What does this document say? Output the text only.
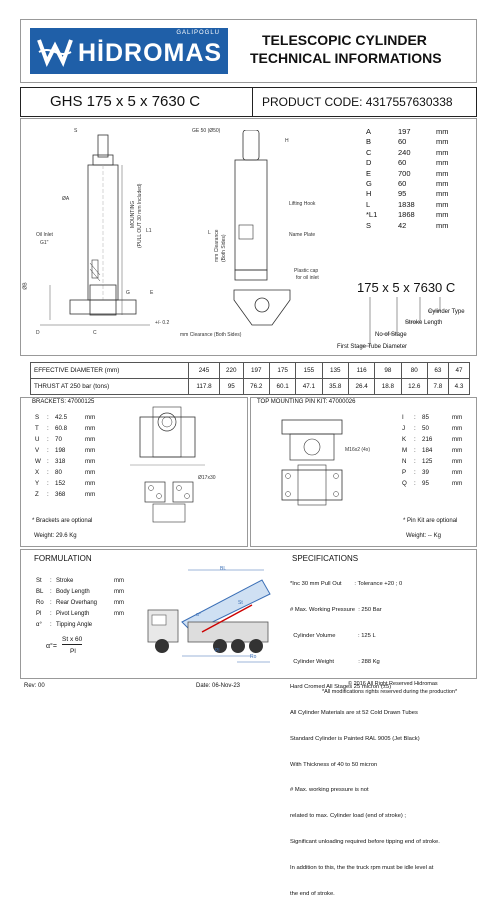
GALIPOGLU
HİDROMAS	TELESCOPIC CYLINDER
TECHNICAL INFORMATIONS
GHS 175 x 5 x 7630 C	PRODUCT CODE: 4317557630338
S
ØA
Oil Inlet
G1"
ØB
MOUNTING (PULL OUT 30 mm Included) L1
D	C
E
G
+/- 0.2
GE 50 (Ø50)
H
L
Lifting Hook
Name Plate
mm Clearance (Both Sides)
Plastic cap
for oil inlet
mm Clearance (Both Sides)
A	197	mm
B	60	mm
C	240	mm
D	60	mm
E	700	mm
G	60	mm
H	95	mm
L	1838	mm
*L1	1868	mm
S	42	mm
175 x 5 x 7630 C
Cylinder Type
Stroke Length
No of Stage
First Stage Tube Diameter
EFFECTIVE DIAMETER (mm)	245	220	197	175	155	135	116	98	80	63	47
THRUST AT 250 bar (tons)	117.8	95	76.2	60.1	47.1	35.8	26.4	18.8	12.6	7.8	4.3
BRACKETS: 47000125
S	:	42.5	mm
T	:	60.8	mm
U	:	70	mm
V	:	198	mm
W :	318	mm
X	:	80	mm
Y	:	152	mm
Z	:	368	mm
Ø17x30
* Brackets are optional
Weight: 29.6 Kg
TOP MOUNTING PIN KIT: 47000026
M16x2 (4x)
I	:	85	mm
J	:	50	mm
K	:	216	mm
M	:	184	mm
N	:	125	mm
P	:	39	mm
Q	:	95	mm
* Pin Kit are optional
Weight: -- Kg
FORMULATION
St	: Stroke	mm
BL	: Body Length	mm
Ro	: Rear Overhang	mm
Pl	: Pivot Length	mm
α°	: Tipping Angle
α°=
St x 60
Pl
BL
St
α°
Pl
Ro
SPECIFICATIONS

*Inc 30 mm Pull Out        : Tolerance +20 ; 0

# Max. Working Pressure  : 250 Bar

Cylinder Volume              : 125 L

Cylinder Weight               : 288 Kg

Hard Cromed All Stages 25 micron (±5)

All Cylinder Materials are st 52 Cold Drawn Tubes

Standard Cylinder is Painted RAL 9005 (Jet Black)

With Thickness of 40 to 50 micron

# Max. working pressure is not

related to max. Cylinder load (end of stroke) ;

Significant unloading required before tipping end of stroke.

In addition to this, the the truck rpm must be idle level at

the end of stroke.

Rev: 00	Date: 06-Nov-23	© 2016 All Right Reserved Hidromas
*All modifications rights reserved during the production*
